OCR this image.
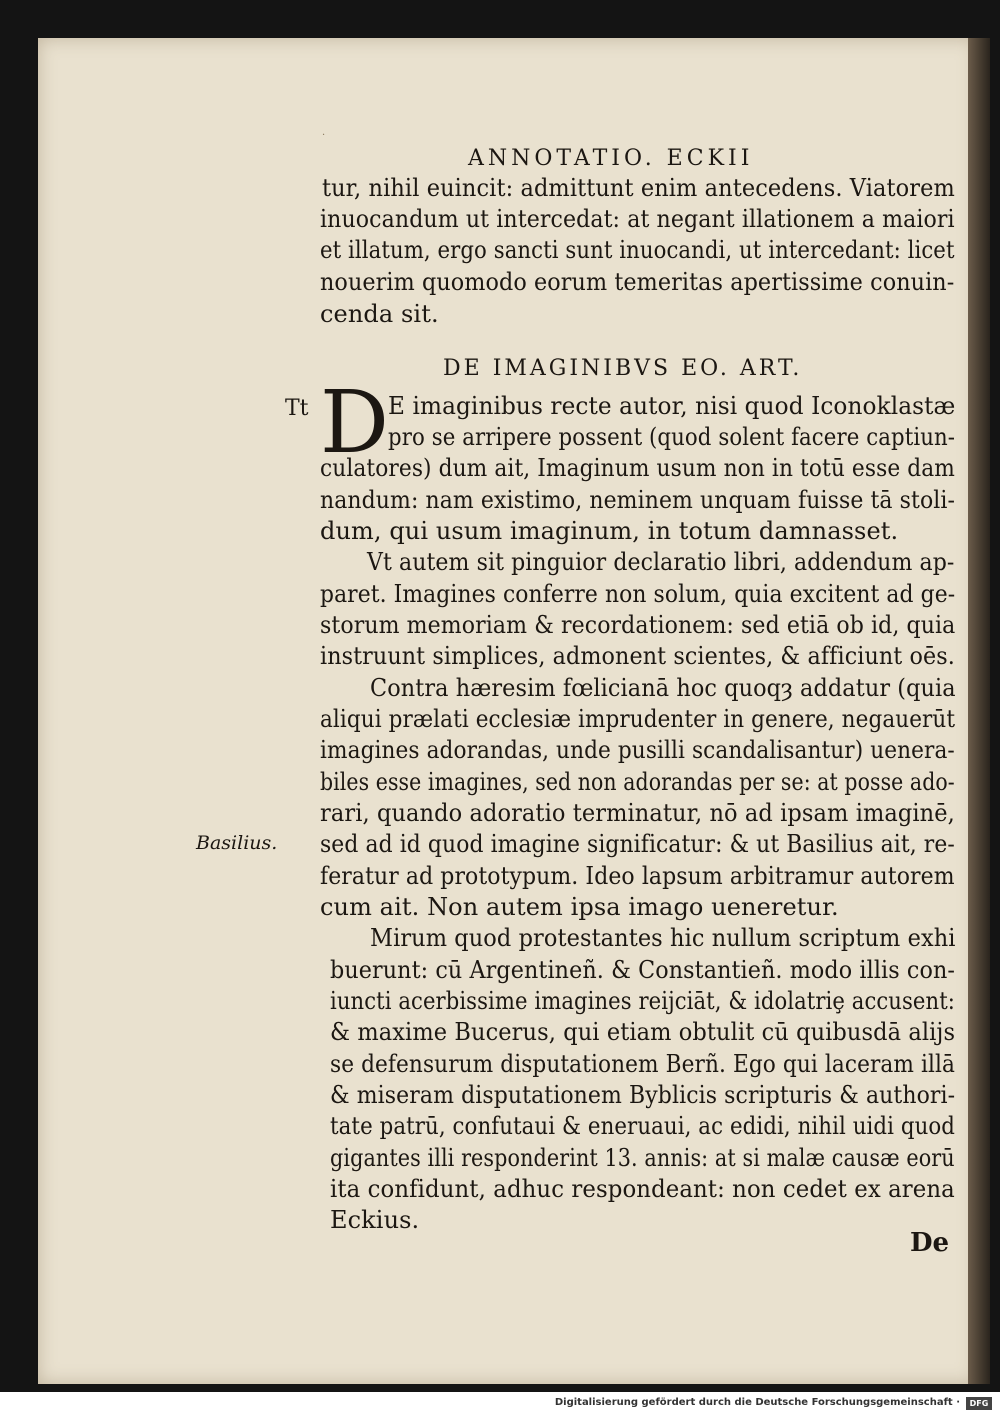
·
ANNOTATIO. ECKII
tur, nihil euincit: admittunt enim antecedens. Viatorem
inuocandum ut intercedat: at negant illationem a maiori
et illatum, ergo sancti sunt inuocandi, ut intercedant: licet
nouerim quomodo eorum temeritas apertissime conuin-
cenda sit.
DE IMAGINIBVS EO. ART.
Tt D E imaginibus recte autor, nisi quod Iconoklastæ
pro se arripere possent (quod solent facere captiun-
culatores) dum ait, Imaginum usum non in totū esse dam
nandum: nam existimo, neminem unquam fuisse tā stoli-
dum, qui usum imaginum, in totum damnasset.
Vt autem sit pinguior declaratio libri, addendum ap-
paret. Imagines conferre non solum, quia excitent ad ge-
storum memoriam & recordationem: sed etiā ob id, quia
instruunt simplices, admonent scientes, & afficiunt oēs.
Contra hæresim fœlicianā hoc quoqȝ addatur (quia
aliqui prælati ecclesiæ imprudenter in genere, negauerūt
imagines adorandas, unde pusilli scandalisantur) uenera-
biles esse imagines, sed non adorandas per se: at posse ado-
rari, quando adoratio terminatur, nō ad ipsam imaginē,
sed ad id quod imagine significatur: & ut Basilius ait, re-
feratur ad prototypum. Ideo lapsum arbitramur autorem
cum ait. Non autem ipsa imago ueneretur.
Basilius.
Mirum quod protestantes hic nullum scriptum exhi
buerunt: cū Argentineñ. & Constantieñ. modo illis con-
iuncti acerbissime imagines reijciāt, & idolatriȩ accusent:
& maxime Bucerus, qui etiam obtulit cū quibusdā alijs
se defensurum disputationem Berñ. Ego qui laceram illā
& miseram disputationem Byblicis scripturis & authori-
tate patrū, confutaui & eneruaui, ac edidi, nihil uidi quod
gigantes illi responderint 13. annis: at si malæ causæ eorū
ita confidunt, adhuc respondeant: non cedet ex arena
Eckius.
De
Digitalisierung gefördert durch die Deutsche Forschungsgemeinschaft ·	DFG
